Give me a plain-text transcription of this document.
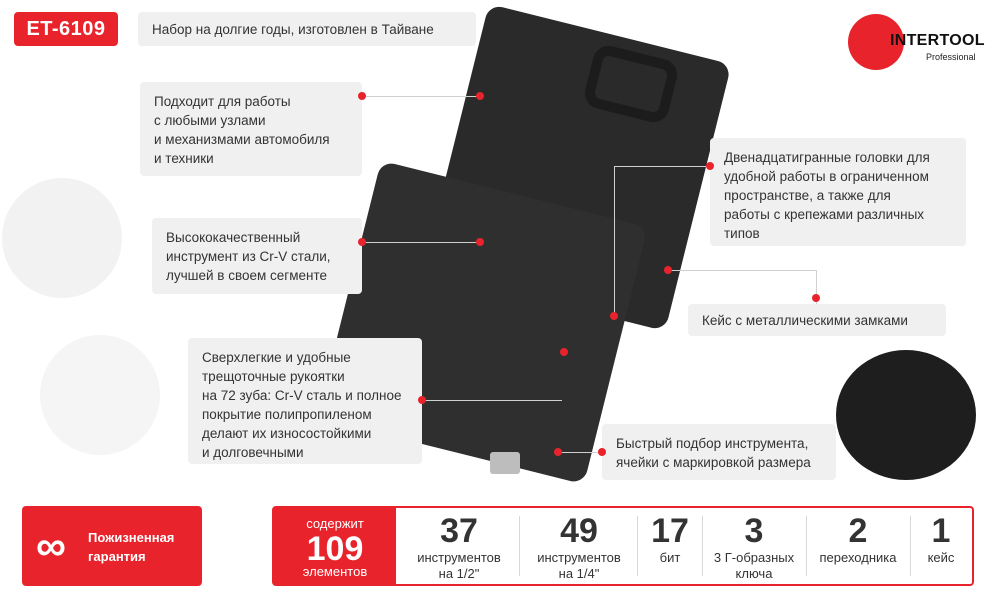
ET-6109	Набор на долгие годы, изготовлен в Тайване
INTERTOOL
Professional
Подходит для работы
с любыми узлами
и механизмами автомобиля
и техники
Высококачественный
инструмент из Cr-V стали,
лучшей в своем сегменте
Сверхлегкие и удобные
трещоточные рукоятки
на 72 зуба: Cr-V сталь и полное
покрытие полипропиленом
делают их износостойкими
и долговечными
Двенадцатигранные головки для
удобной работы в ограниченном
пространстве, а также для
работы с крепежами различных
типов
Кейс с металлическими замками
Быстрый подбор инструмента,
ячейки с маркировкой размера
∞ Пожизненная
гарантия
содержит
109
элементов
37
инструментов
на 1/2"
49
инструментов
на 1/4"
17
бит
3
3 Г-образных
ключа
2
переходника
1
кейс
